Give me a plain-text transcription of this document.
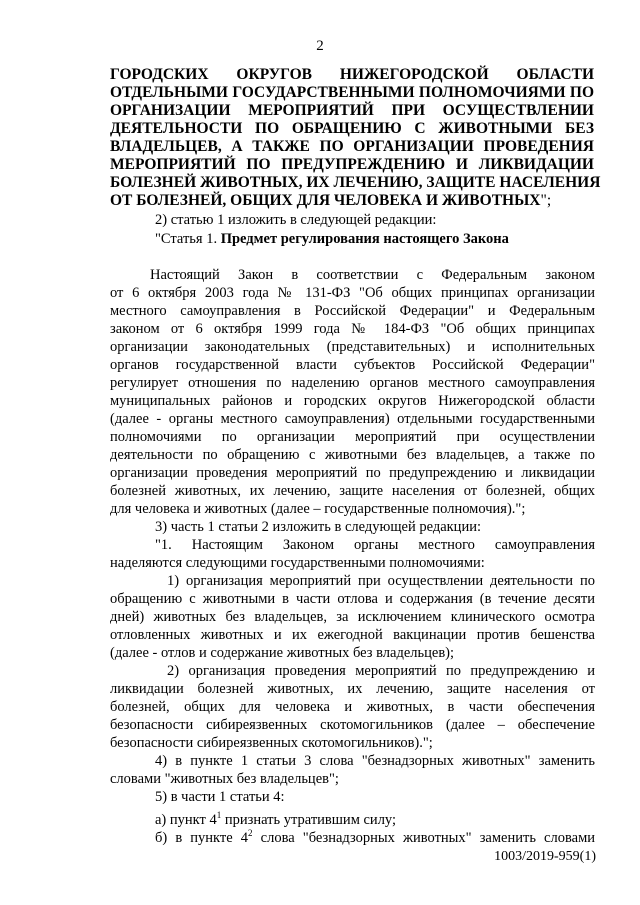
2
ГОРОДСКИХ ОКРУГОВ НИЖЕГОРОДСКОЙ ОБЛАСТИ
ОТДЕЛЬНЫМИ ГОСУДАРСТВЕННЫМИ ПОЛНОМОЧИЯМИ ПО
ОРГАНИЗАЦИИ МЕРОПРИЯТИЙ ПРИ ОСУЩЕСТВЛЕНИИ
ДЕЯТЕЛЬНОСТИ ПО ОБРАЩЕНИЮ С ЖИВОТНЫМИ БЕЗ
ВЛАДЕЛЬЦЕВ, А ТАКЖЕ ПО ОРГАНИЗАЦИИ ПРОВЕДЕНИЯ
МЕРОПРИЯТИЙ ПО ПРЕДУПРЕЖДЕНИЮ И ЛИКВИДАЦИИ
БОЛЕЗНЕЙ ЖИВОТНЫХ, ИХ ЛЕЧЕНИЮ, ЗАЩИТЕ НАСЕЛЕНИЯ
ОТ БОЛЕЗНЕЙ, ОБЩИХ ДЛЯ ЧЕЛОВЕКА И ЖИВОТНЫХ";
2) статью 1 изложить в следующей редакции:
"Статья 1. Предмет регулирования настоящего Закона
Настоящий Закон в соответствии с Федеральным законом
от 6 октября 2003 года № 131-ФЗ "Об общих принципах организации
местного самоуправления в Российской Федерации" и Федеральным
законом от 6 октября 1999 года № 184-ФЗ "Об общих принципах
организации законодательных (представительных) и исполнительных
органов государственной власти субъектов Российской Федерации"
регулирует отношения по наделению органов местного самоуправления
муниципальных районов и городских округов Нижегородской области
(далее - органы местного самоуправления) отдельными государственными
полномочиями по организации мероприятий при осуществлении
деятельности по обращению с животными без владельцев, а также по
организации проведения мероприятий по предупреждению и ликвидации
болезней животных, их лечению, защите населения от болезней, общих
для человека и животных (далее – государственные полномочия).";
3) часть 1 статьи 2 изложить в следующей редакции:
"1. Настоящим Законом органы местного самоуправления
наделяются следующими государственными полномочиями:
1) организация мероприятий при осуществлении деятельности по
обращению с животными в части отлова и содержания (в течение десяти
дней) животных без владельцев, за исключением клинического осмотра
отловленных животных и их ежегодной вакцинации против бешенства
(далее - отлов и содержание животных без владельцев);
2) организация проведения мероприятий по предупреждению и
ликвидации болезней животных, их лечению, защите населения от
болезней, общих для человека и животных, в части обеспечения
безопасности сибиреязвенных скотомогильников (далее – обеспечение
безопасности сибиреязвенных скотомогильников).";
4) в пункте 1 статьи 3 слова "безнадзорных животных" заменить
словами "животных без владельцев";
5) в части 1 статьи 4:
а) пункт $4^1$ признать утратившим силу;
б) в пункте $4^2$ слова "безнадзорных животных" заменить словами
1003/2019-959(1)
